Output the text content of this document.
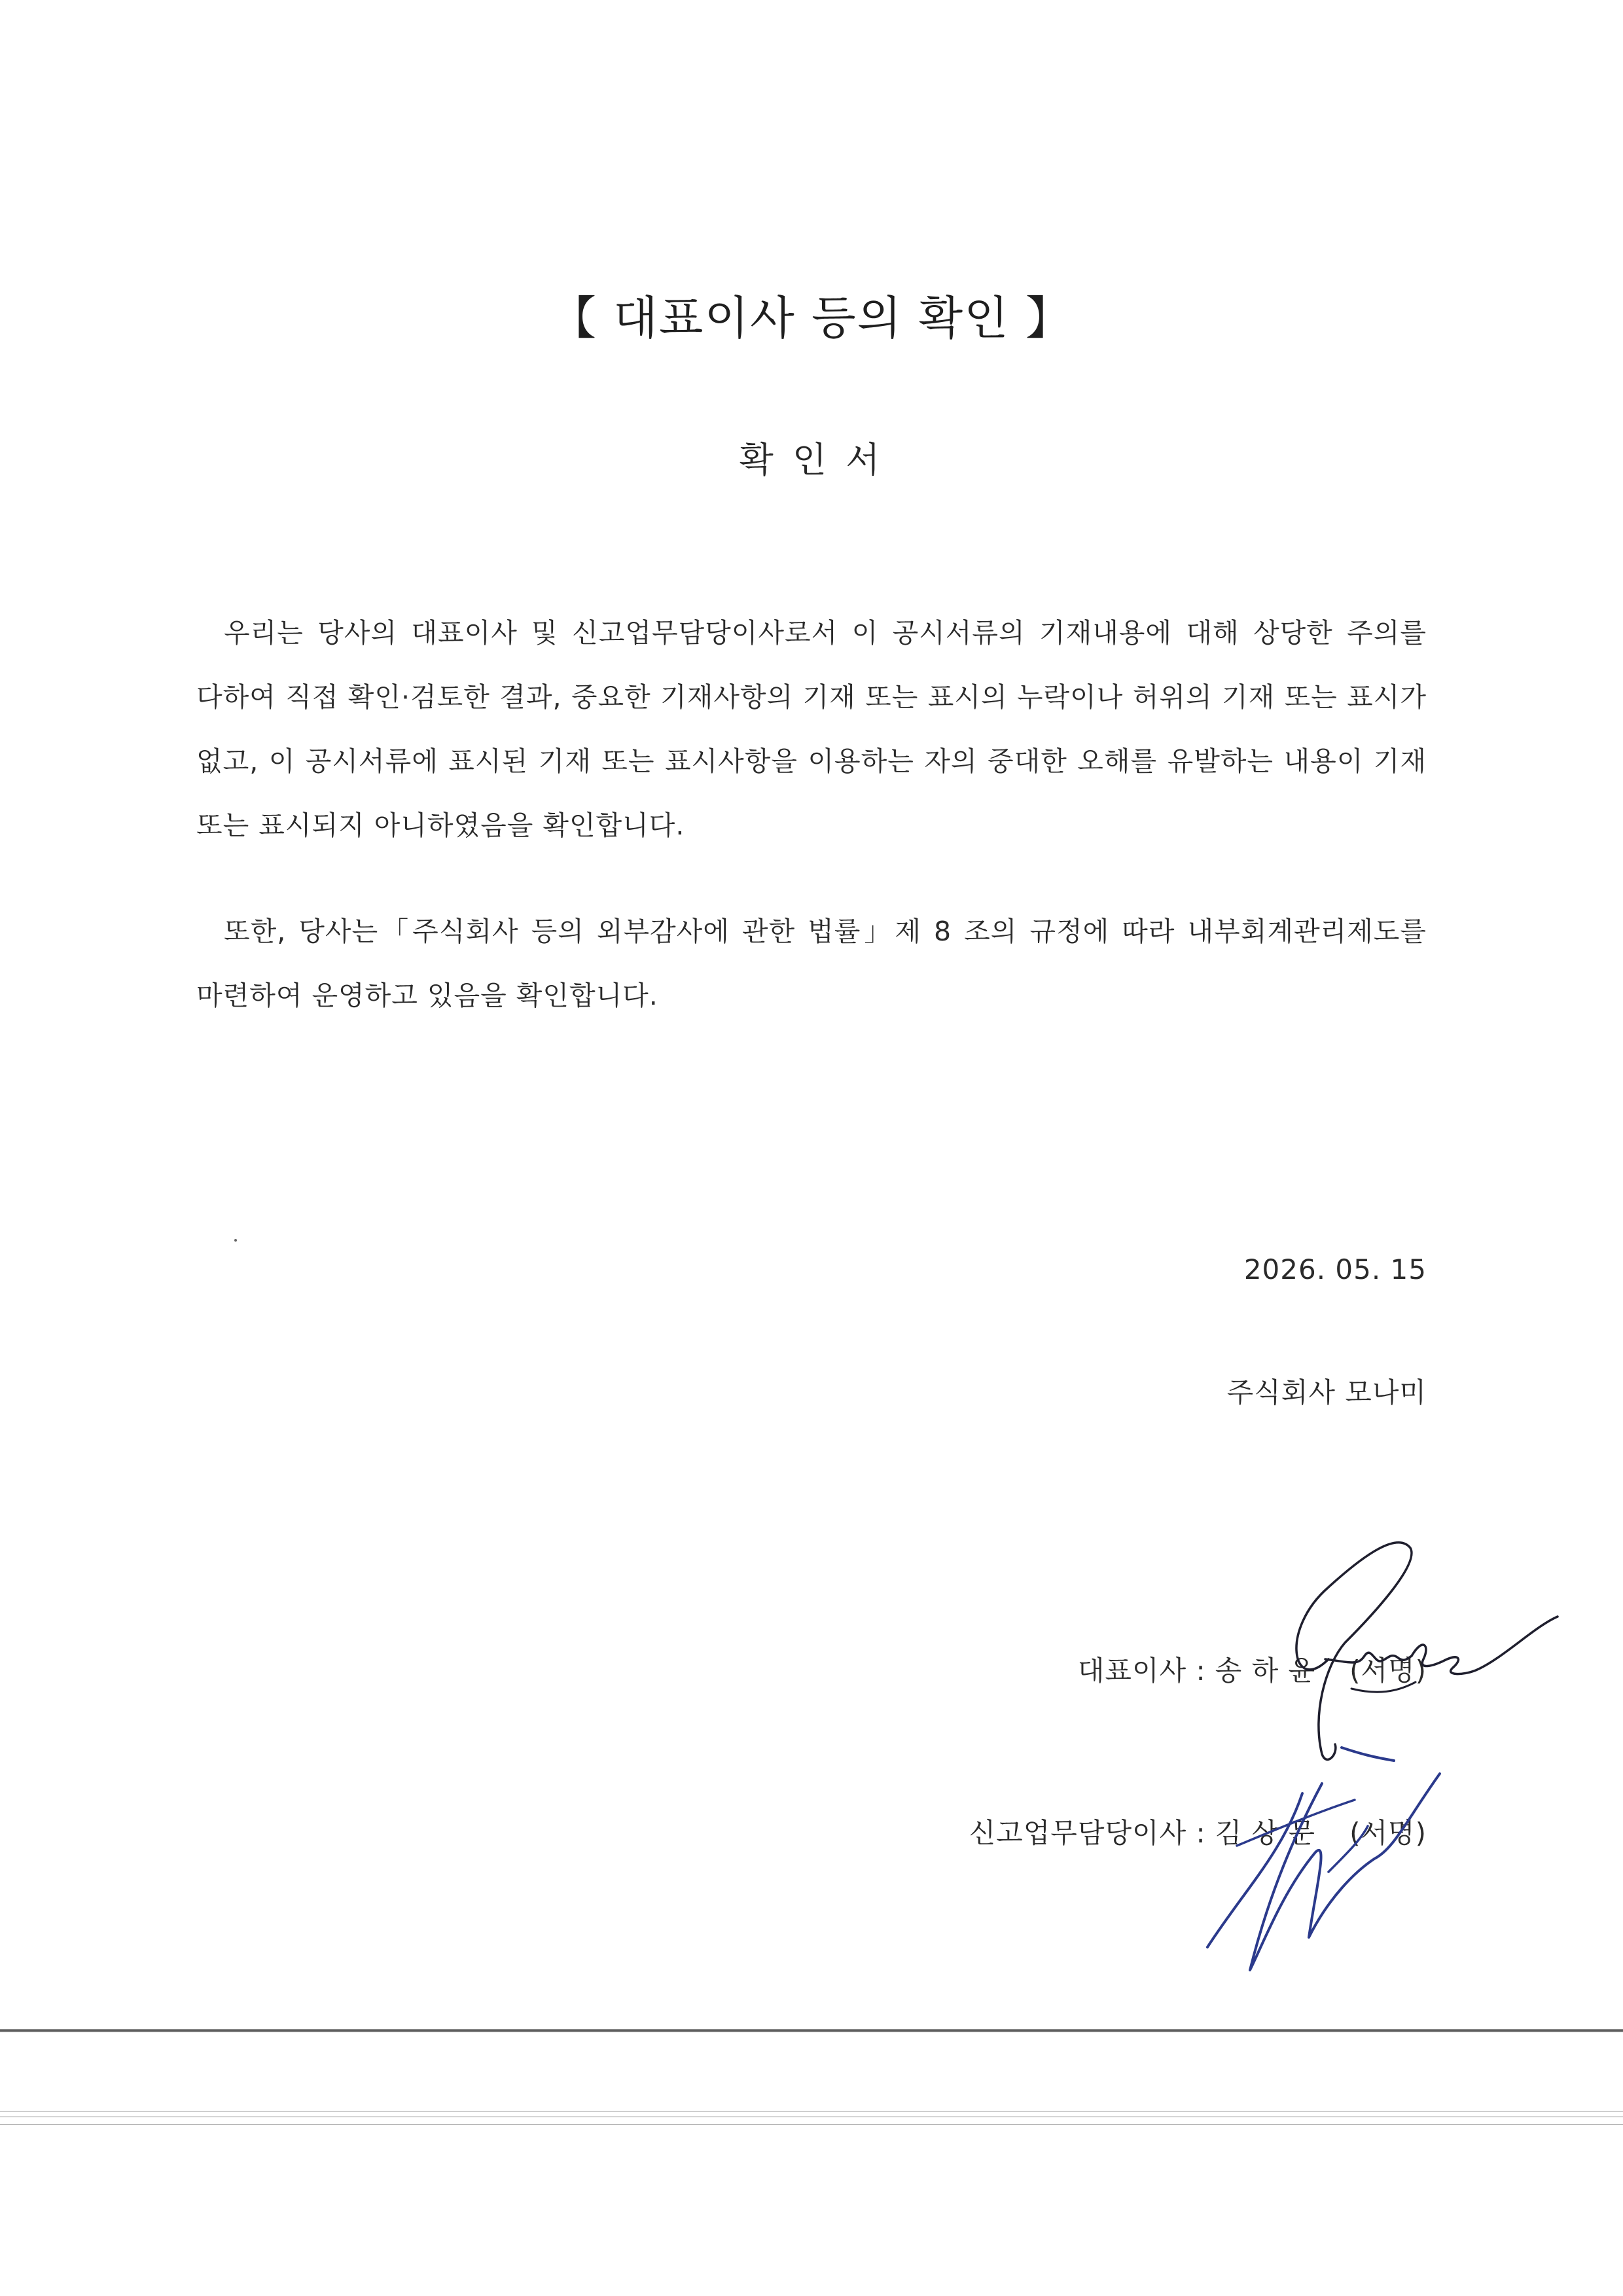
【 대표이사 등의 확인 】
확 인 서

우리는 당사의 대표이사 및 신고업무담당이사로서 이 공시서류의 기재내용에 대해 상당한 주의를 다하여 직접 확인·검토한 결과, 중요한 기재사항의 기재 또는 표시의 누락이나 허위의 기재 또는 표시가 없고, 이 공시서류에 표시된 기재 또는 표시사항을 이용하는 자의 중대한 오해를 유발하는 내용이 기재 또는 표시되지 아니하였음을 확인합니다.

또한, 당사는「주식회사 등의 외부감사에 관한 법률」제 8 조의 규정에 따라 내부회계관리제도를 마련하여 운영하고 있음을 확인합니다.

2026. 05. 15
주식회사 모나미
대표이사 : 송 하 윤 (서명)
신고업무담당이사 : 김 상 문 (서명)
